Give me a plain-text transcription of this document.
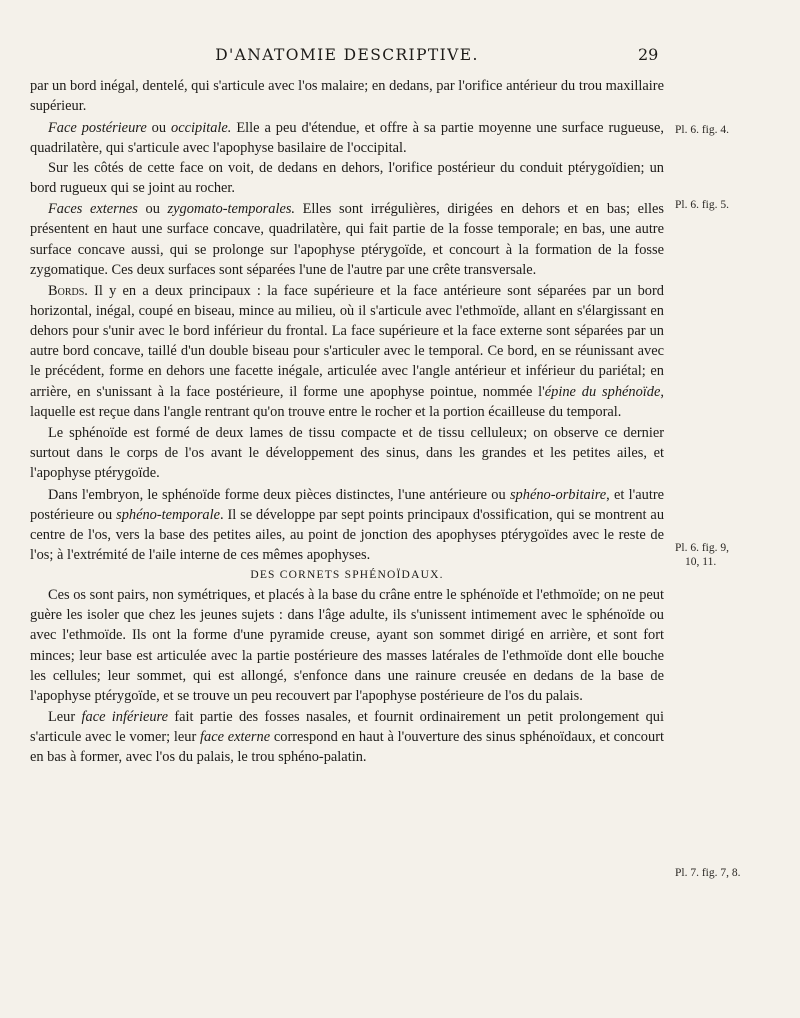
D'ANATOMIE DESCRIPTIVE.	29

par un bord inégal, dentelé, qui s'articule avec l'os malaire; en dedans, par l'orifice antérieur du trou maxillaire supérieur.

Face postérieure ou occipitale. Elle a peu d'étendue, et offre à sa partie moyenne une surface rugueuse, quadrilatère, qui s'articule avec l'apophyse basilaire de l'occipital.

Sur les côtés de cette face on voit, de dedans en dehors, l'orifice postérieur du conduit ptérygoïdien; un bord rugueux qui se joint au rocher.

Faces externes ou zygomato-temporales. Elles sont irrégulières, dirigées en dehors et en bas; elles présentent en haut une surface concave, quadrilatère, qui fait partie de la fosse temporale; en bas, une autre surface concave aussi, qui se prolonge sur l'apophyse ptérygoïde, et concourt à la formation de la fosse zygomatique. Ces deux surfaces sont séparées l'une de l'autre par une crête transversale.

Bords. Il y en a deux principaux : la face supérieure et la face antérieure sont séparées par un bord horizontal, inégal, coupé en biseau, mince au milieu, où il s'articule avec l'ethmoïde, allant en s'élargissant en dehors pour s'unir avec le bord inférieur du frontal. La face supérieure et la face externe sont séparées par un autre bord concave, taillé d'un double biseau pour s'articuler avec le temporal. Ce bord, en se réunissant avec le précédent, forme en dehors une facette inégale, articulée avec l'angle antérieur et inférieur du pariétal; en arrière, en s'unissant à la face postérieure, il forme une apophyse pointue, nommée l'épine du sphénoïde, laquelle est reçue dans l'angle rentrant qu'on trouve entre le rocher et la portion écailleuse du temporal.

Le sphénoïde est formé de deux lames de tissu compacte et de tissu celluleux; on observe ce dernier surtout dans le corps de l'os avant le développement des sinus, dans les grandes et les petites ailes, et l'apophyse ptérygoïde.

Dans l'embryon, le sphénoïde forme deux pièces distinctes, l'une antérieure ou sphéno-orbitaire, et l'autre postérieure ou sphéno-temporale. Il se développe par sept points principaux d'ossification, qui se montrent au centre de l'os, vers la base des petites ailes, au point de jonction des apophyses ptérygoïdes avec le reste de l'os; à l'extrémité de l'aile interne de ces mêmes apophyses.

DES CORNETS SPHÉNOÏDAUX.

Ces os sont pairs, non symétriques, et placés à la base du crâne entre le sphénoïde et l'ethmoïde; on ne peut guère les isoler que chez les jeunes sujets : dans l'âge adulte, ils s'unissent intimement avec le sphénoïde ou avec l'ethmoïde. Ils ont la forme d'une pyramide creuse, ayant son sommet dirigé en arrière, et sont fort minces; leur base est articulée avec la partie postérieure des masses latérales de l'ethmoïde dont elle bouche les cellules; leur sommet, qui est allongé, s'enfonce dans une rainure creusée en dedans de la base de l'apophyse ptérygoïde, et se trouve un peu recouvert par l'apophyse postérieure de l'os du palais.

Leur face inférieure fait partie des fosses nasales, et fournit ordinairement un petit prolongement qui s'articule avec le vomer; leur face externe correspond en haut à l'ouverture des sinus sphénoïdaux, et concourt en bas à former, avec l'os du palais, le trou sphéno-palatin.

Pl. 6. fig. 4.
Pl. 6. fig. 5.
Pl. 6. fig. 9,
10, 11.
Pl. 7. fig. 7, 8.
